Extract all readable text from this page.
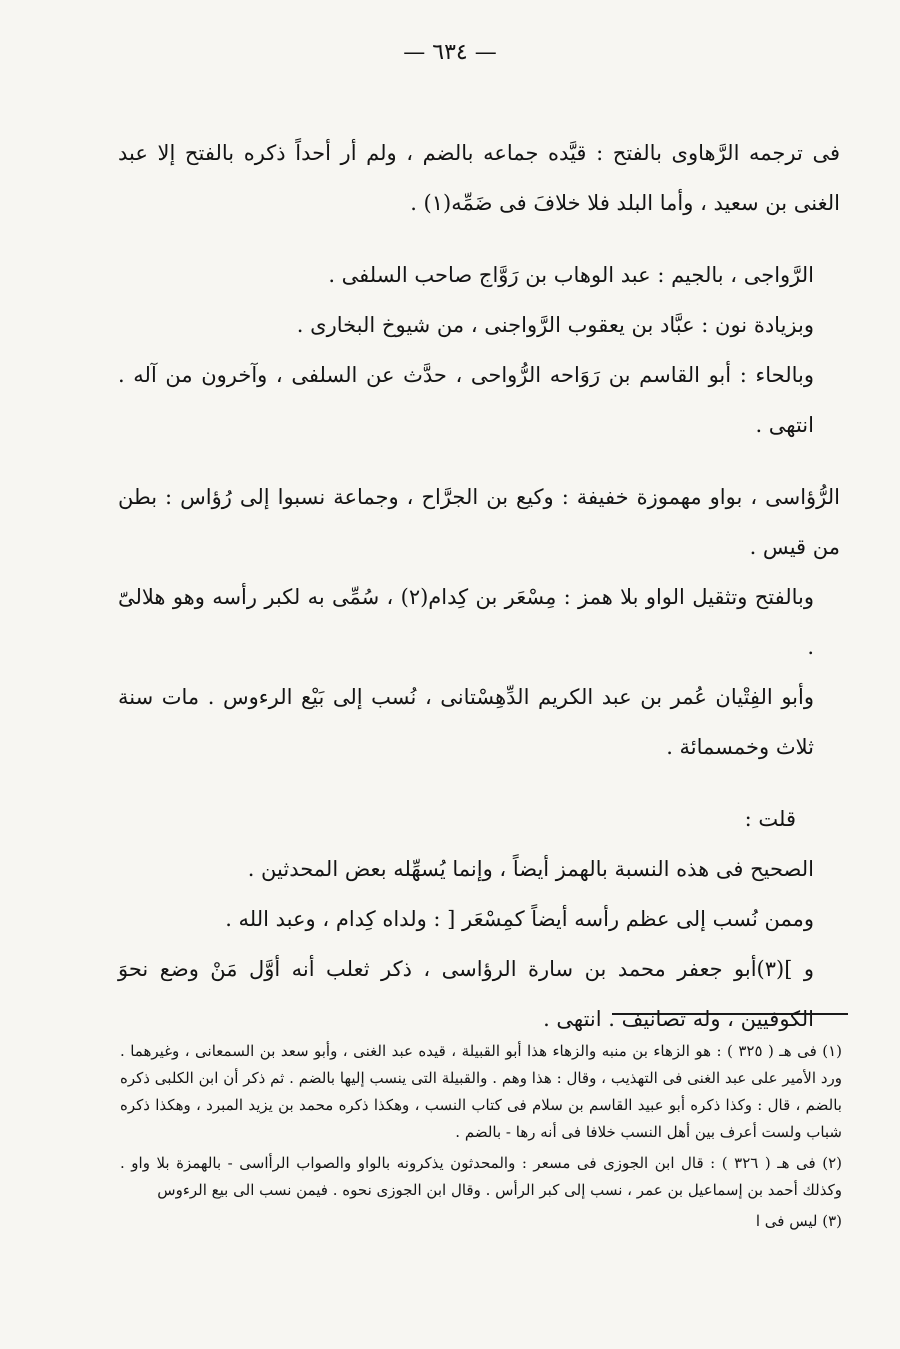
— ٦٣٤ —

فى ترجمه الرَّهاوى بالفتح : قيَّده جماعه بالضم ، ولم أر أحداً ذكره بالفتح إلا عبد الغنى بن سعيد ، وأما البلد فلا خلافَ فى ضَمِّه(١) .

الرَّواجى ، بالجيم : عبد الوهاب بن رَوَّاج صاحب السلفى .

وبزيادة نون : عبَّاد بن يعقوب الرَّواجنى ، من شيوخ البخارى .

وبالحاء : أبو القاسم بن رَوَاحه الرُّواحى ، حدَّث عن السلفى ، وآخرون من آله . انتهى .

الرُّؤاسى ، بواو مهموزة خفيفة : وكيع بن الجرَّاح ، وجماعة نسبوا إلى رُؤاس : بطن من قيس .

وبالفتح وتثقيل الواو بلا همز : مِسْعَر بن كِدام(٢) ، سُمِّى به لكبر رأسه وهو هلالىّ .

وأبو الفِتْيان عُمر بن عبد الكريم الدِّهِسْتانى ، نُسب إلى بَيْع الرءوس . مات سنة ثلاث وخمسمائة .

قلت :

الصحيح فى هذه النسبة بالهمز أيضاً ، وإنما يُسهِّله بعض المحدثين .

وممن نُسب إلى عظم رأسه أيضاً كمِسْعَر [ : ولداه كِدام ، وعبد الله .

و ](٣)أبو جعفر محمد بن سارة الرؤاسى ، ذكر ثعلب أنه أوَّل مَنْ وضع نحوَ الكوفيين ، وله تصانيف . انتهى .

(١) فى هـ ( ٣٢٥ ) : هو الزهاء بن منبه والزهاء هذا أبو القبيلة ، قيده عبد الغنى ، وأبو سعد بن السمعانى ، وغيرهما . ورد الأمير على عبد الغنى فى التهذيب ، وقال : هذا وهم . والقبيلة التى ينسب إليها بالضم . ثم ذكر أن ابن الكلبى ذكره بالضم ، قال : وكذا ذكره أبو عبيد القاسم بن سلام فى كتاب النسب ، وهكذا ذكره محمد بن يزيد المبرد ، وهكذا ذكره شباب ولست أعرف بين أهل النسب خلافا فى أنه رها - بالضم .

(٢) فى هـ ( ٣٢٦ ) : قال ابن الجوزى فى مسعر : والمحدثون يذكرونه بالواو والصواب الرأاسى - بالهمزة بلا واو . وكذلك أحمد بن إسماعيل بن عمر ، نسب إلى كبر الرأس . وقال ابن الجوزى نحوه . فيمن نسب الى بيع الرءوس

(٣) ليس فى ا
